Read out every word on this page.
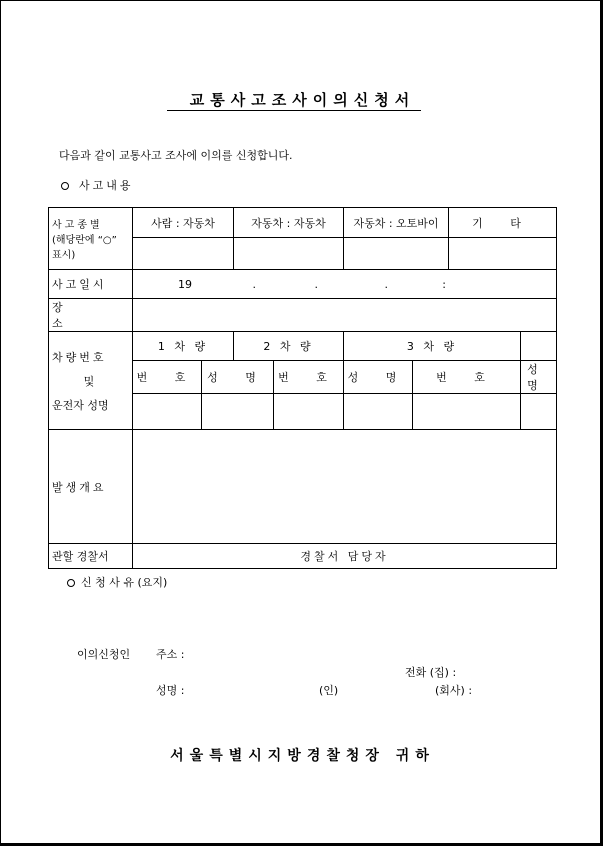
교통사고조사이의신청서
다음과 같이 교통사고 조사에 이의를 신청합니다.
사고내용
사고종별
(해당란에 “○” 표시)	사람 : 자동차		자동차 : 자동차		자동차 : 오토바이		기 타	

사고일시	19 . . . :							
장 소								

차량번호
및
운전자 성명	1 차 량		2 차 량		3 차 량			
	번 호	성 명		번 호	성 명	번 호		성 명

발생개요								
관할 경찰서	경찰서 담당자							
신 청 사 유 (요지)
이의신청인 주소 :
전화 (집) :
성명 :	(인)	(회사) :
서울특별시지방경찰청장 귀하
